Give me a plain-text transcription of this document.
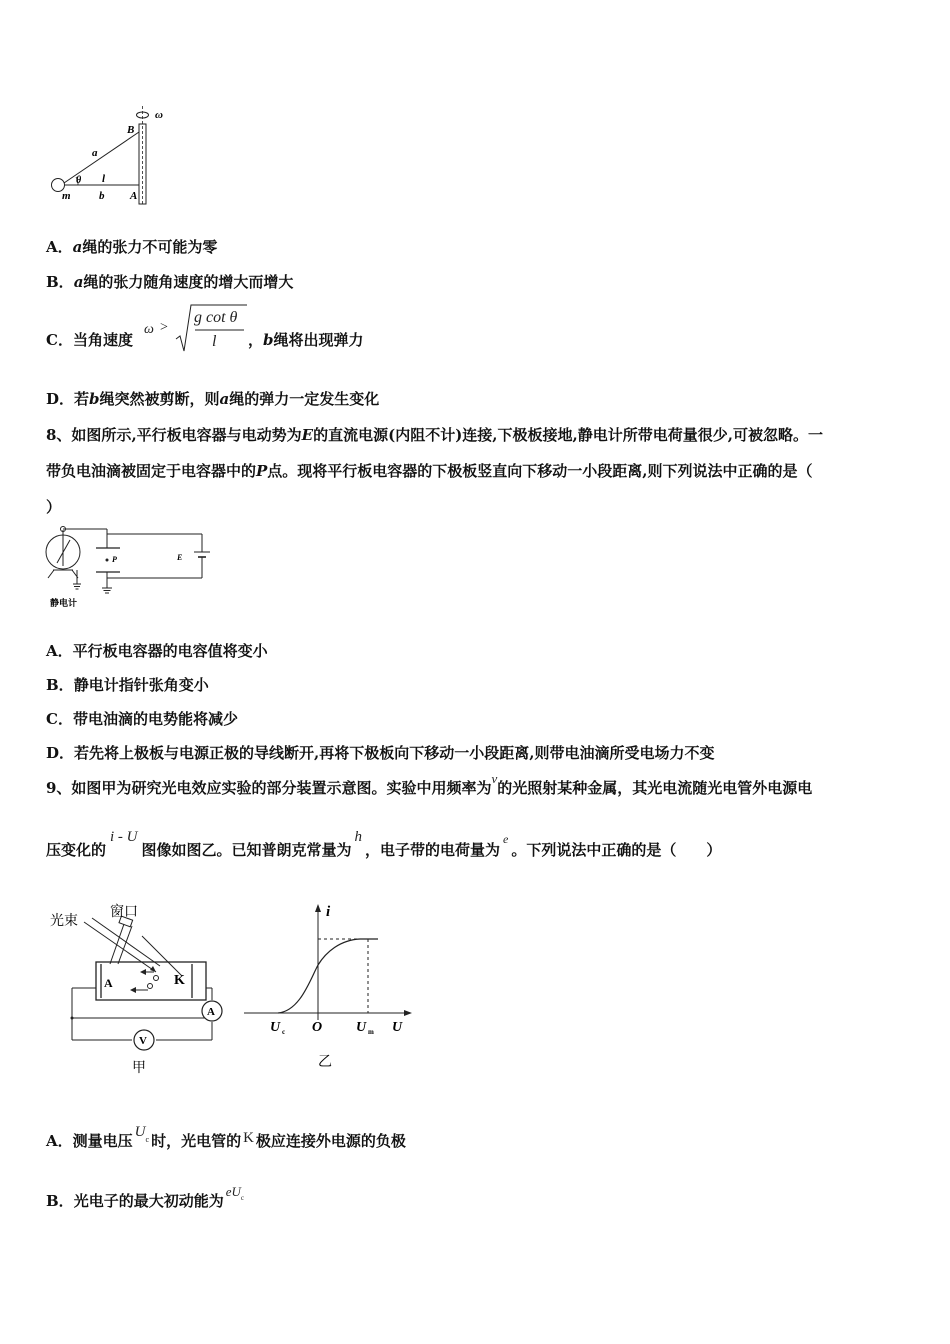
B
ω
a
θ l
m	b A
A．a绳的张力不可能为零
B．a绳的张力随角速度的增大而增大
C．当角速度
ω >
g cot θ
l ，b绳将出现弹力
D．若b绳突然被剪断，则a绳的弹力一定发生变化
8、如图所示,平行板电容器与电动势为E的直流电源(内阻不计)连接,下极板接地,静电计所带电荷量很少,可被忽略。一
带负电油滴被固定于电容器中的P点。现将平行板电容器的下极板竖直向下移动一小段距离,则下列说法中正确的是（
）
P	E
静电计
A．平行板电容器的电容值将变小
B．静电计指针张角变小
C．带电油滴的电势能将减少
D．若先将上极板与电源正极的导线断开,再将下极板向下移动一小段距离,则带电油滴所受电场力不变
9、如图甲为研究光电效应实验的部分装置示意图。实验中用频率为ν的光照射某种金属，其光电流随光电管外电源电
压变化的i - U图像如图乙。已知普朗克常量为h，电子带的电荷量为$^e$。下列说法中正确的是（　　）
光束
窗口
A	K
A
V
甲
i
U c O U m U
乙
A．测量电压 $U^c$ 时，光电管的 K 极应连接外电源的负极
B．光电子的最大初动能为$eU^c$
